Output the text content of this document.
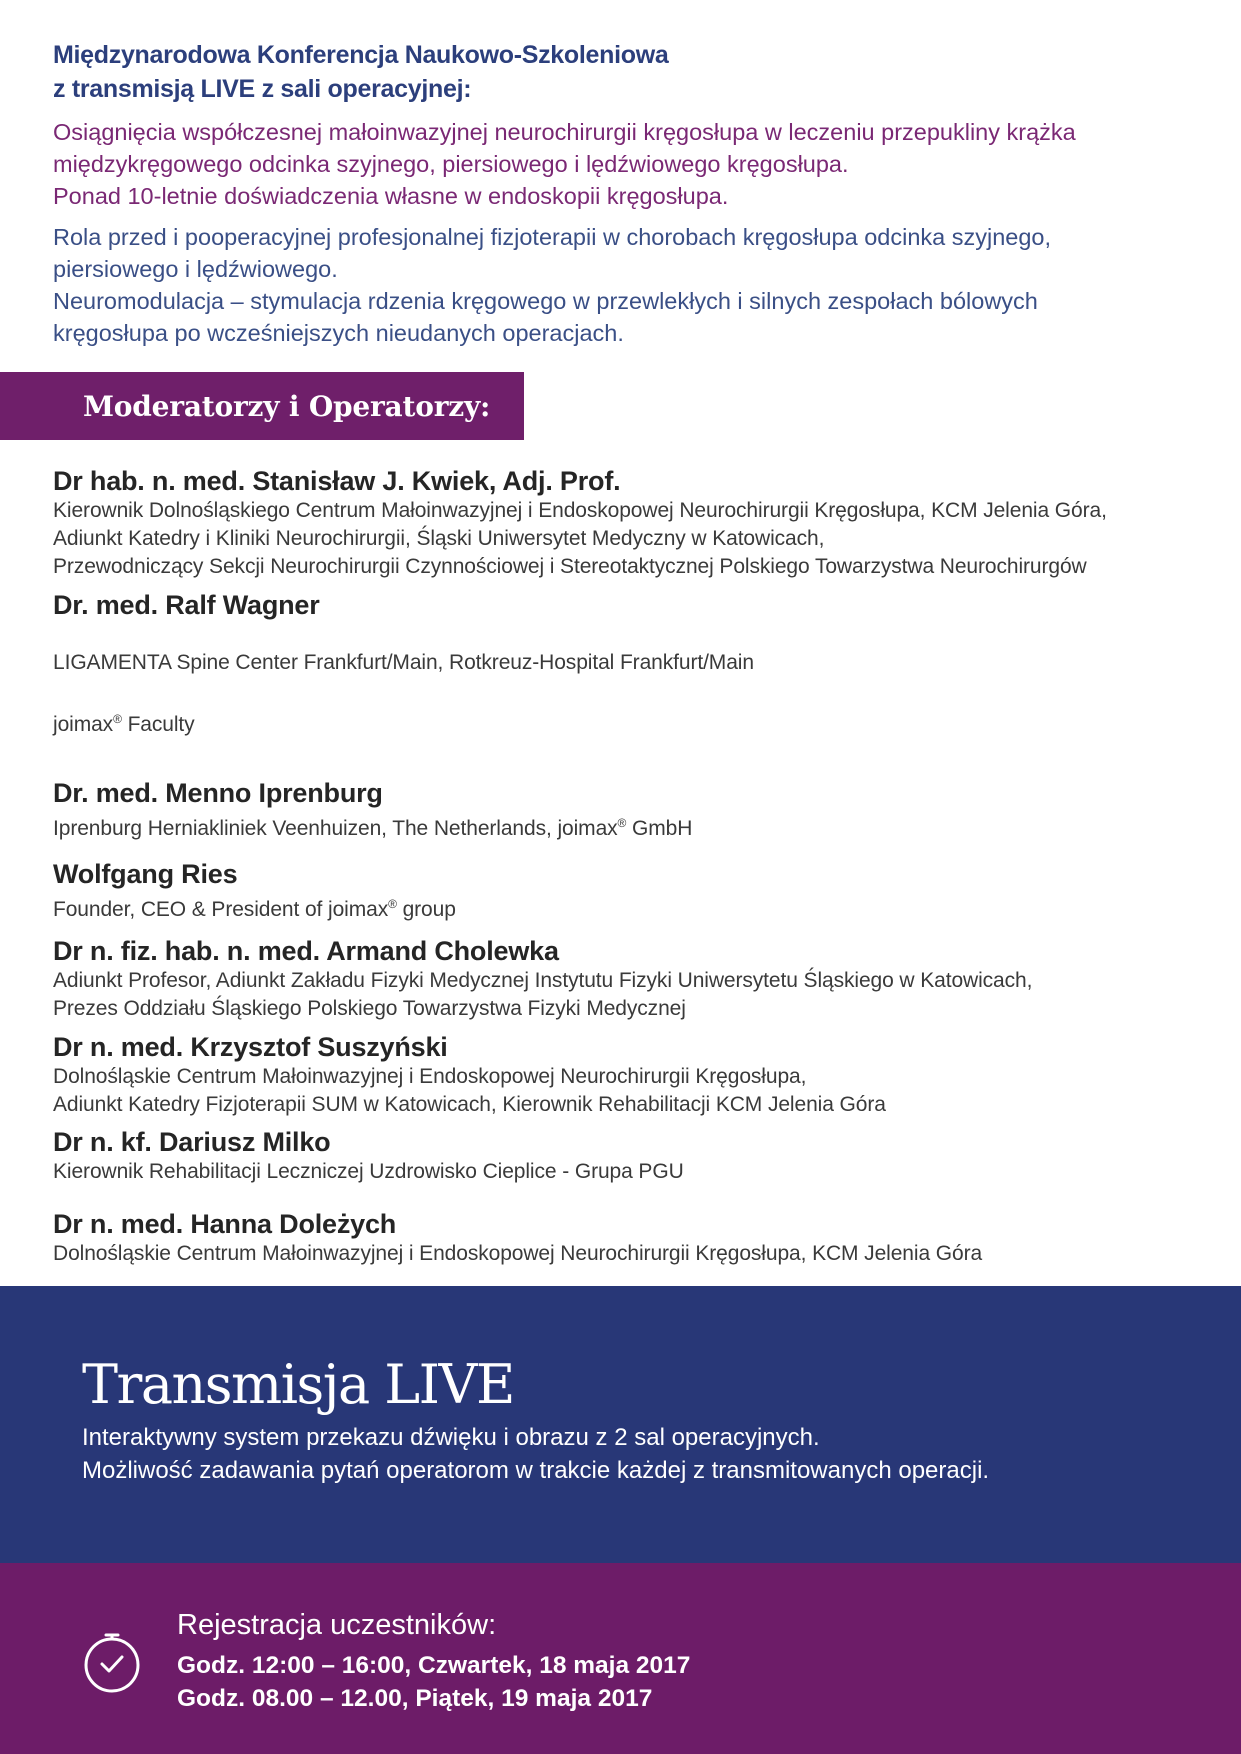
Międzynarodowa Konferencja Naukowo-Szkoleniowa
z transmisją LIVE z sali operacyjnej:
Osiągnięcia współczesnej małoinwazyjnej neurochirurgii kręgosłupa w leczeniu przepukliny krążka
międzykręgowego odcinka szyjnego, piersiowego i lędźwiowego kręgosłupa.
Ponad 10-letnie doświadczenia własne w endoskopii kręgosłupa.
Rola przed i pooperacyjnej profesjonalnej fizjoterapii w chorobach kręgosłupa odcinka szyjnego,
piersiowego i lędźwiowego.
Neuromodulacja – stymulacja rdzenia kręgowego w przewlekłych i silnych zespołach bólowych
kręgosłupa po wcześniejszych nieudanych operacjach.
Moderatorzy i Operatorzy:
Dr hab. n. med. Stanisław J. Kwiek, Adj. Prof.
Kierownik Dolnośląskiego Centrum Małoinwazyjnej i Endoskopowej Neurochirurgii Kręgosłupa, KCM Jelenia Góra,
Adiunkt Katedry i Kliniki Neurochirurgii, Śląski Uniwersytet Medyczny w Katowicach,
Przewodniczący Sekcji Neurochirurgii Czynnościowej i Stereotaktycznej Polskiego Towarzystwa Neurochirurgów
Dr. med. Ralf Wagner

LIGAMENTA Spine Center Frankfurt/Main, Rotkreuz-Hospital Frankfurt/Main

joimax® Faculty

Dr. med. Menno Iprenburg
Iprenburg Herniakliniek Veenhuizen, The Netherlands, joimax® GmbH
Wolfgang Ries
Founder, CEO & President of joimax® group
Dr n. fiz. hab. n. med. Armand Cholewka
Adiunkt Profesor, Adiunkt Zakładu Fizyki Medycznej Instytutu Fizyki Uniwersytetu Śląskiego w Katowicach,
Prezes Oddziału Śląskiego Polskiego Towarzystwa Fizyki Medycznej
Dr n. med. Krzysztof Suszyński
Dolnośląskie Centrum Małoinwazyjnej i Endoskopowej Neurochirurgii Kręgosłupa,
Adiunkt Katedry Fizjoterapii SUM w Katowicach, Kierownik Rehabilitacji KCM Jelenia Góra
Dr n. kf. Dariusz Milko
Kierownik Rehabilitacji Leczniczej Uzdrowisko Cieplice - Grupa PGU
Dr n. med. Hanna Doleżych
Dolnośląskie Centrum Małoinwazyjnej i Endoskopowej Neurochirurgii Kręgosłupa, KCM Jelenia Góra
Transmisja LIVE
Interaktywny system przekazu dźwięku i obrazu z 2 sal operacyjnych.
Możliwość zadawania pytań operatorom w trakcie każdej z transmitowanych operacji.
Rejestracja uczestników:
Godz. 12:00 – 16:00, Czwartek, 18 maja 2017
Godz. 08.00 – 12.00, Piątek, 19 maja 2017
